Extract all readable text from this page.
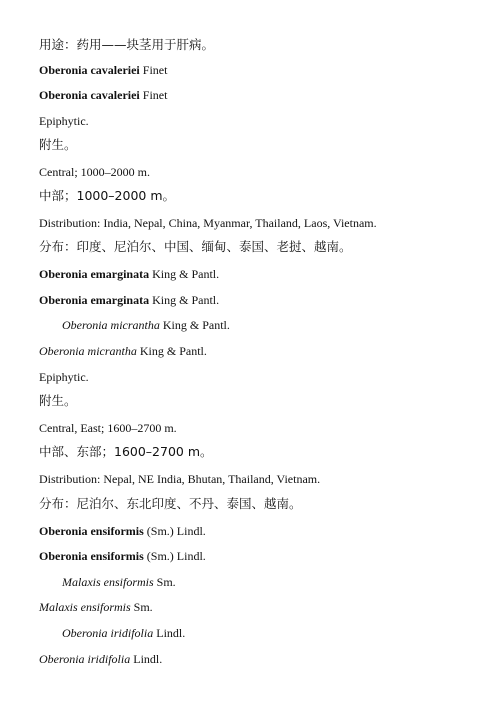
用途：药用——块茎用于肝病。
Oberonia cavaleriei Finet
Oberonia cavaleriei Finet
Epiphytic.
附生。
Central; 1000–2000 m.
中部；1000–2000 m。
Distribution: India, Nepal, China, Myanmar, Thailand, Laos, Vietnam.
分布：印度、尼泊尔、中国、缅甸、泰国、老挝、越南。
Oberonia emarginata King & Pantl.
Oberonia emarginata King & Pantl.
Oberonia micrantha King & Pantl.
Oberonia micrantha King & Pantl.
Epiphytic.
附生。
Central, East; 1600–2700 m.
中部、东部；1600–2700 m。
Distribution: Nepal, NE India, Bhutan, Thailand, Vietnam.
分布：尼泊尔、东北印度、不丹、泰国、越南。
Oberonia ensiformis (Sm.) Lindl.
Oberonia ensiformis (Sm.) Lindl.
Malaxis ensiformis Sm.
Malaxis ensiformis Sm.
Oberonia iridifolia Lindl.
Oberonia iridifolia Lindl.
